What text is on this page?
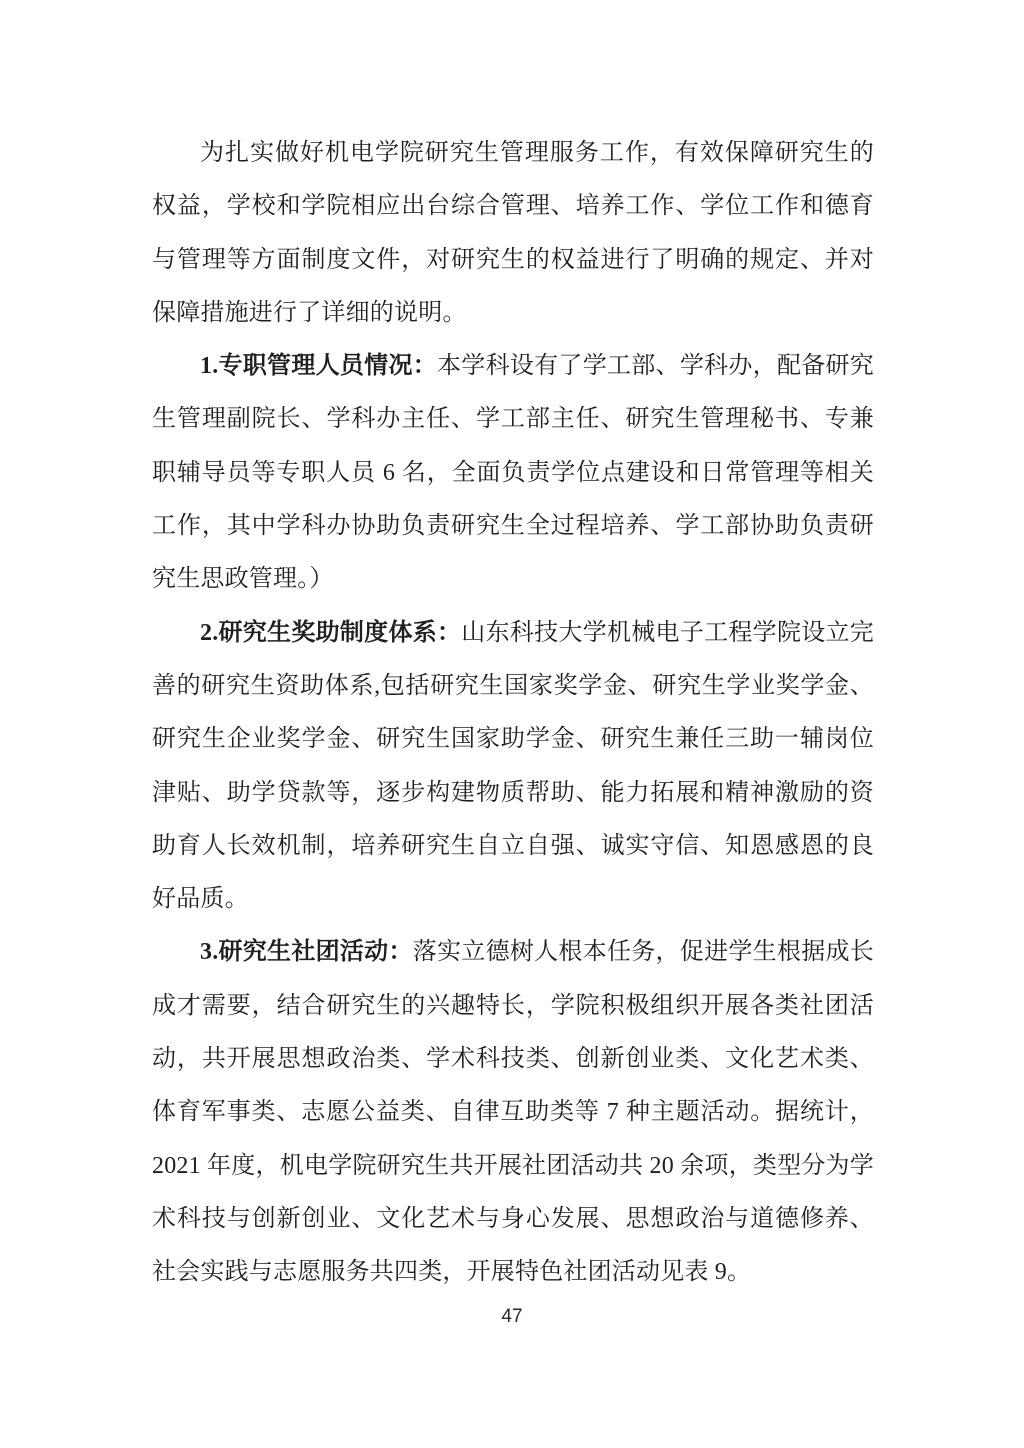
为扎实做好机电学院研究生管理服务工作，有效保障研究生的权益，学校和学院相应出台综合管理、培养工作、学位工作和德育与管理等方面制度文件，对研究生的权益进行了明确的规定、并对保障措施进行了详细的说明。

1.专职管理人员情况：本学科设有了学工部、学科办，配备研究生管理副院长、学科办主任、学工部主任、研究生管理秘书、专兼职辅导员等专职人员 6 名，全面负责学位点建设和日常管理等相关工作，其中学科办协助负责研究生全过程培养、学工部协助负责研究生思政管理。）

2.研究生奖助制度体系：山东科技大学机械电子工程学院设立完善的研究生资助体系,包括研究生国家奖学金、研究生学业奖学金、研究生企业奖学金、研究生国家助学金、研究生兼任三助一辅岗位津贴、助学贷款等，逐步构建物质帮助、能力拓展和精神激励的资助育人长效机制，培养研究生自立自强、诚实守信、知恩感恩的良好品质。

3.研究生社团活动：落实立德树人根本任务，促进学生根据成长成才需要，结合研究生的兴趣特长，学院积极组织开展各类社团活动，共开展思想政治类、学术科技类、创新创业类、文化艺术类、体育军事类、志愿公益类、自律互助类等 7 种主题活动。据统计，2021 年度，机电学院研究生共开展社团活动共 20 余项，类型分为学术科技与创新创业、文化艺术与身心发展、思想政治与道德修养、社会实践与志愿服务共四类，开展特色社团活动见表 9。

47
